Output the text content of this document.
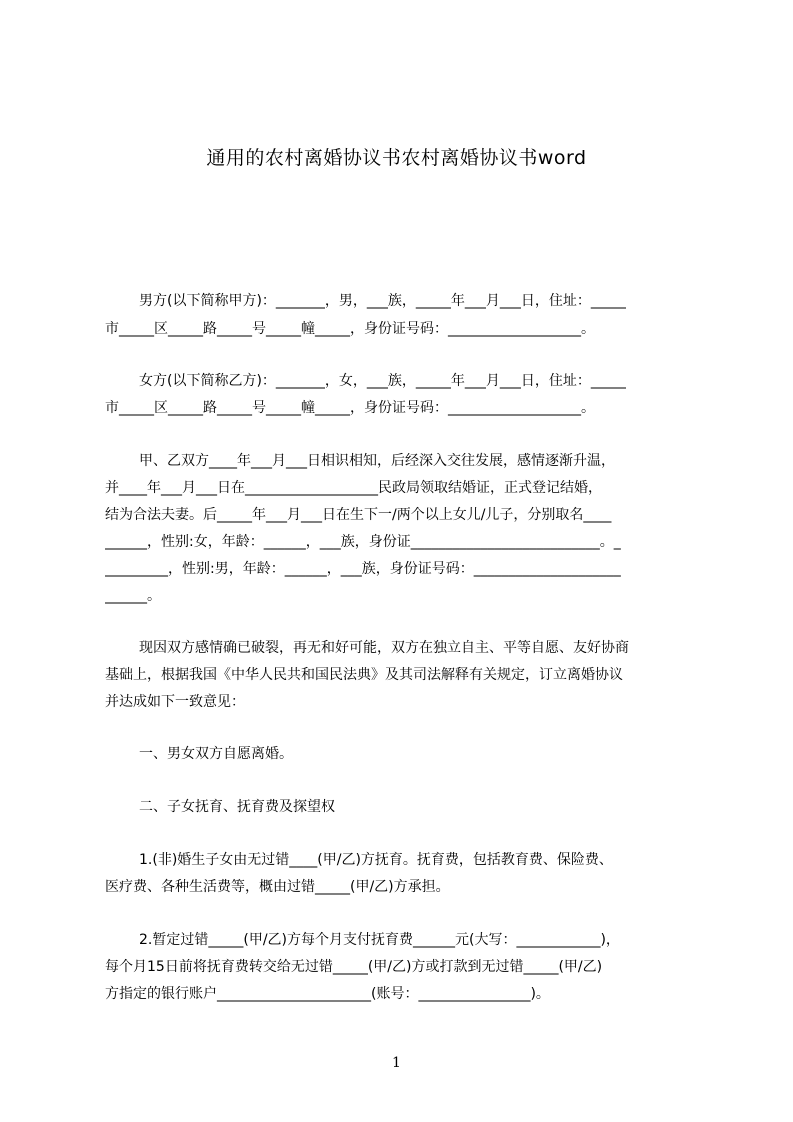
通用的农村离婚协议书农村离婚协议书word
男方(以下简称甲方)：_______，男，___族，_____年___月___日，住址：_____
市_____区_____路_____号_____幢_____，身份证号码：___________________。
女方(以下简称乙方)：_______，女，___族，_____年___月___日，住址：_____
市_____区_____路_____号_____幢_____，身份证号码：___________________。
甲、乙双方____年___月___日相识相知，后经深入交往发展，感情逐渐升温，
并____年___月___日在___________________民政局领取结婚证，正式登记结婚，
结为合法夫妻。后_____年___月___日在生下一/两个以上女儿/儿子，分别取名____
______，性别:女，年龄：______，___族，身份证___________________________。_
_________，性别:男，年龄：______，___族，身份证号码：_____________________
______。
现因双方感情确已破裂，再无和好可能，双方在独立自主、平等自愿、友好协商
基础上，根据我国《中华人民共和国民法典》及其司法解释有关规定，订立离婚协议
并达成如下一致意见：
一、男女双方自愿离婚。
二、子女抚育、抚育费及探望权
1.(非)婚生子女由无过错____(甲/乙)方抚育。抚育费，包括教育费、保险费、
医疗费、各种生活费等，概由过错_____(甲/乙)方承担。
2.暂定过错_____(甲/乙)方每个月支付抚育费______元(大写：____________)，
每个月15日前将抚育费转交给无过错_____(甲/乙)方或打款到无过错_____(甲/乙)
方指定的银行账户______________________(账号：________________)。
1
